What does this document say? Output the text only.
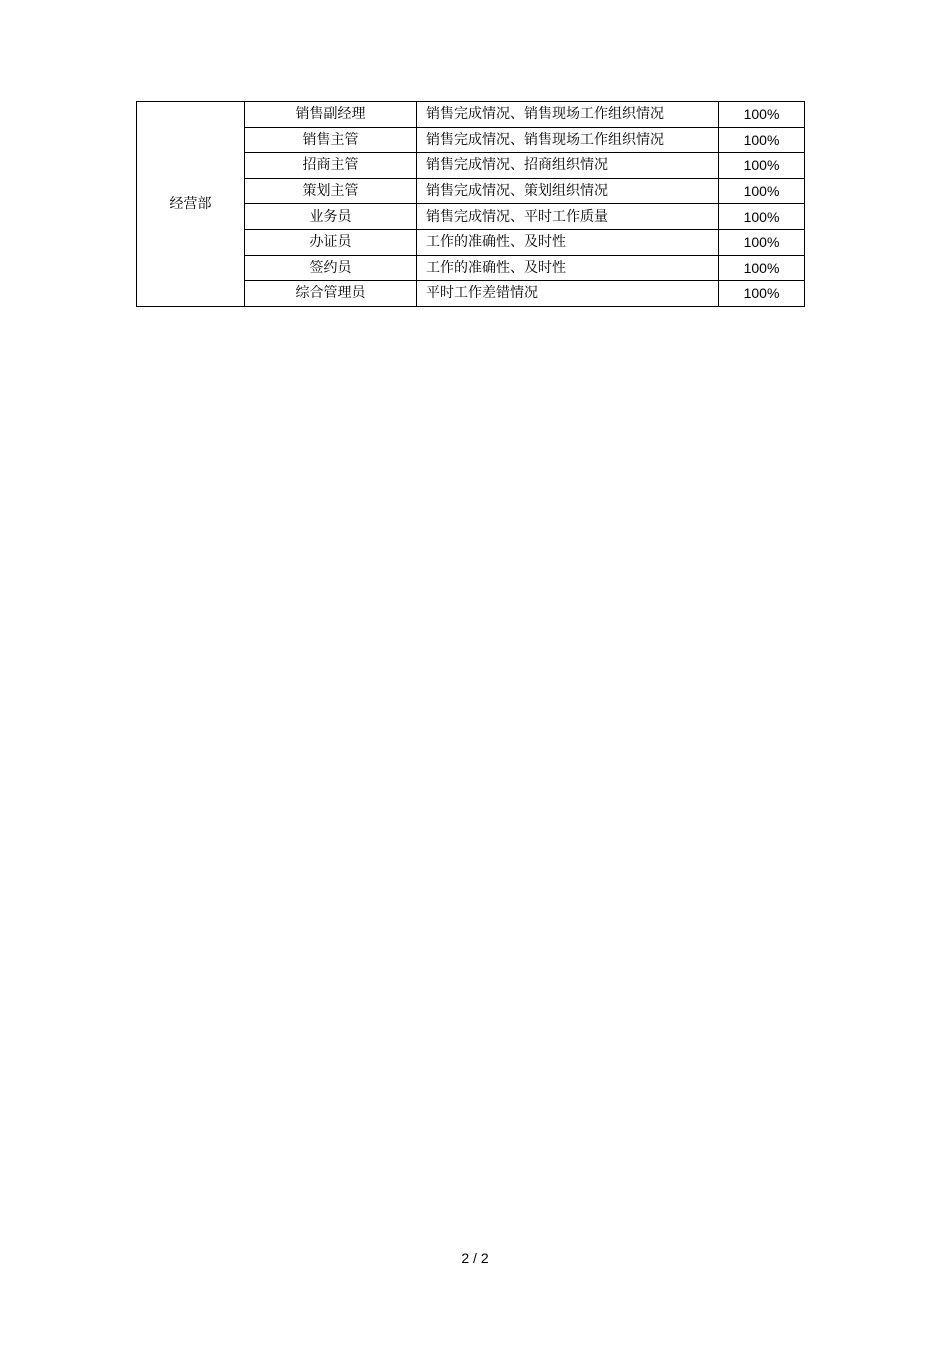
经营部	销售副经理	销售完成情况、销售现场工作组织情况	100%
	销售主管	销售完成情况、销售现场工作组织情况	100%
	招商主管	销售完成情况、招商组织情况	100%
	策划主管	销售完成情况、策划组织情况	100%
	业务员	销售完成情况、平时工作质量	100%
	办证员	工作的准确性、及时性	100%
	签约员	工作的准确性、及时性	100%
	综合管理员	平时工作差错情况	100%
2 / 2
